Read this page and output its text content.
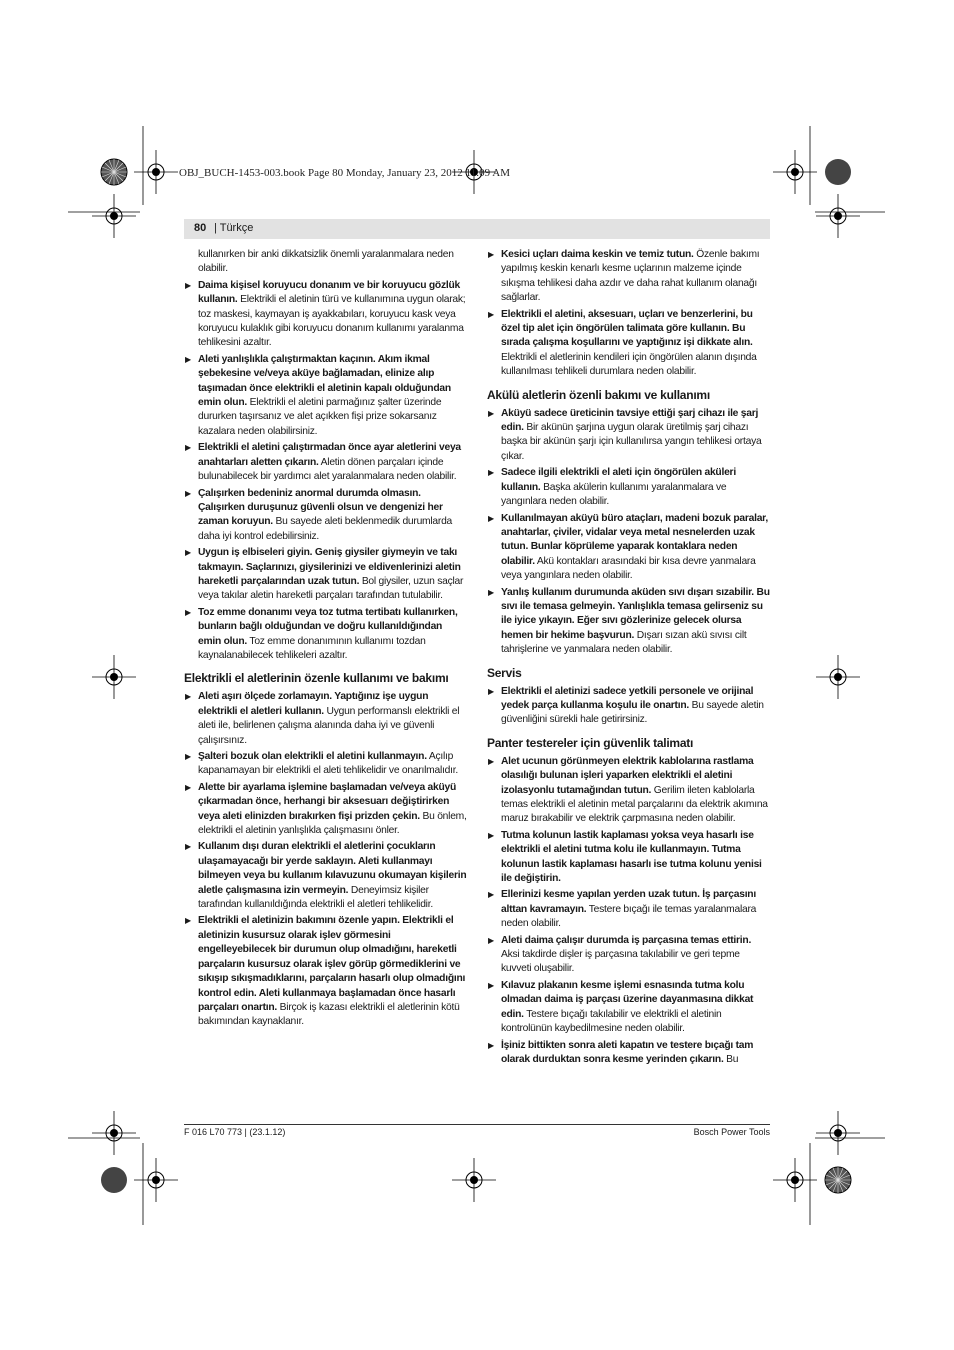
OBJ_BUCH-1453-003.book Page 80 Monday, January 23, 2012 11:09 AM
80 | Türkçe
kullanırken bir anki dikkatsizlik önemli yaralanmalara neden olabilir.
▶ Daima kişisel koruyucu donanım ve bir koruyucu gözlük kullanın. Elektrikli el aletinin türü ve kullanımına uygun olarak; toz maskesi, kaymayan iş ayakkabıları, koruyucu kask veya koruyucu kulaklık gibi koruyucu donanım kullanımı yaralanma tehlikesini azaltır.
▶ Aleti yanlışlıkla çalıştırmaktan kaçının. Akım ikmal şebekesine ve/veya aküye bağlamadan, elinize alıp taşımadan önce elektrikli el aletinin kapalı olduğundan emin olun. Elektrikli el aletini parmağınız şalter üzerinde dururken taşırsanız ve alet açıkken fişi prize sokarsanız kazalara neden olabilirsiniz.
▶ Elektrikli el aletini çalıştırmadan önce ayar aletlerini veya anahtarları aletten çıkarın. Aletin dönen parçaları içinde bulunabilecek bir yardımcı alet yaralanmalara neden olabilir.
▶ Çalışırken bedeniniz anormal durumda olmasın. Çalışırken duruşunuz güvenli olsun ve dengenizi her zaman koruyun. Bu sayede aleti beklenmedik durumlarda daha iyi kontrol edebilirsiniz.
▶ Uygun iş elbiseleri giyin. Geniş giysiler giymeyin ve takı takmayın. Saçlarınızı, giysilerinizi ve eldivenlerinizi aletin hareketli parçalarından uzak tutun. Bol giysiler, uzun saçlar veya takılar aletin hareketli parçaları tarafından tutulabilir.
▶ Toz emme donanımı veya toz tutma tertibatı kullanırken, bunların bağlı olduğundan ve doğru kullanıldığından emin olun. Toz emme donanımının kullanımı tozdan kaynalanabilecek tehlikeleri azaltır.
Elektrikli el aletlerinin özenle kullanımı ve bakımı
▶ Aleti aşırı ölçede zorlamayın. Yaptığınız işe uygun elektrikli el aletleri kullanın. Uygun performanslı elektrikli el aleti ile, belirlenen çalışma alanında daha iyi ve güvenli çalışırsınız.
▶ Şalteri bozuk olan elektrikli el aletini kullanmayın. Açılıp kapanamayan bir elektrikli el aleti tehlikelidir ve onarılmalıdır.
▶ Alette bir ayarlama işlemine başlamadan ve/veya aküyü çıkarmadan önce, herhangi bir aksesuarı değiştirirken veya aleti elinizden bırakırken fişi prizden çekin. Bu önlem, elektrikli el aletinin yanlışlıkla çalışmasını önler.
▶ Kullanım dışı duran elektrikli el aletlerini çocukların ulaşamayacağı bir yerde saklayın. Aleti kullanmayı bilmeyen veya bu kullanım kılavuzunu okumayan kişilerin aletle çalışmasına izin vermeyin. Deneyimsiz kişiler tarafından kullanıldığında elektrikli el aletleri tehlikelidir.
▶ Elektrikli el aletinizin bakımını özenle yapın. Elektrikli el aletinizin kusursuz olarak işlev görmesini engelleyebilecek bir durumun olup olmadığını, hareketli parçaların kusursuz olarak işlev görüp görmediklerini ve sıkışıp sıkışmadıklarını, parçaların hasarlı olup olmadığını kontrol edin. Aleti kullanmaya başlamadan önce hasarlı parçaları onartın. Birçok iş kazası elektrikli el aletlerinin kötü bakımından kaynaklanır.
▶ Kesici uçları daima keskin ve temiz tutun. Özenle bakımı yapılmış keskin kenarlı kesme uçlarının malzeme içinde sıkışma tehlikesi daha azdır ve daha rahat kullanım olanağı sağlarlar.
▶ Elektrikli el aletini, aksesuarı, uçları ve benzerlerini, bu özel tip alet için öngörülen talimata göre kullanın. Bu sırada çalışma koşullarını ve yaptığınız işi dikkate alın. Elektrikli el aletlerinin kendileri için öngörülen alanın dışında kullanılması tehlikeli durumlara neden olabilir.
Akülü aletlerin özenli bakımı ve kullanımı
▶ Aküyü sadece üreticinin tavsiye ettiği şarj cihazı ile şarj edin. Bir akünün şarjına uygun olarak üretilmiş şarj cihazı başka bir akünün şarjı için kullanılırsa yangın tehlikesi ortaya çıkar.
▶ Sadece ilgili elektrikli el aleti için öngörülen aküleri kullanın. Başka akülerin kullanımı yaralanmalara ve yangınlara neden olabilir.
▶ Kullanılmayan aküyü büro ataçları, madeni bozuk paralar, anahtarlar, çiviler, vidalar veya metal nesnelerden uzak tutun. Bunlar köprüleme yaparak kontaklara neden olabilir. Akü kontakları arasındaki bir kısa devre yanmalara veya yangınlara neden olabilir.
▶ Yanlış kullanım durumunda aküden sıvı dışarı sızabilir. Bu sıvı ile temasa gelmeyin. Yanlışlıkla temasa gelirseniz su ile iyice yıkayın. Eğer sıvı gözlerinize gelecek olursa hemen bir hekime başvurun. Dışarı sızan akü sıvısı cilt tahrişlerine ve yanmalara neden olabilir.
Servis
▶ Elektrikli el aletinizi sadece yetkili personele ve orijinal yedek parça kullanma koşulu ile onartın. Bu sayede aletin güvenliğini sürekli hale getirirsiniz.
Panter testereler için güvenlik talimatı
▶ Alet ucunun görünmeyen elektrik kablolarına rastlama olasılığı bulunan işleri yaparken elektrikli el aletini izolasyonlu tutamağından tutun. Gerilim ileten kablolarla temas elektrikli el aletinin metal parçalarını da elektrik akımına maruz bırakabilir ve elektrik çarpmasına neden olabilir.
▶ Tutma kolunun lastik kaplaması yoksa veya hasarlı ise elektrikli el aletini tutma kolu ile kullanmayın. Tutma kolunun lastik kaplaması hasarlı ise tutma kolunu yenisi ile değiştirin.
▶ Ellerinizi kesme yapılan yerden uzak tutun. İş parçasını alttan kavramayın. Testere bıçağı ile temas yaralanmalara neden olabilir.
▶ Aleti daima çalışır durumda iş parçasına temas ettirin. Aksi takdirde dişler iş parçasına takılabilir ve geri tepme kuvveti oluşabilir.
▶ Kılavuz plakanın kesme işlemi esnasında tutma kolu olmadan daima iş parçası üzerine dayanmasına dikkat edin. Testere bıçağı takılabilir ve elektrikli el aletinin kontrolünün kaybedilmesine neden olabilir.
▶ İşiniz bittikten sonra aleti kapatın ve testere bıçağı tam olarak durduktan sonra kesme yerinden çıkarın. Bu
F 016 L70 773 | (23.1.12)	Bosch Power Tools
